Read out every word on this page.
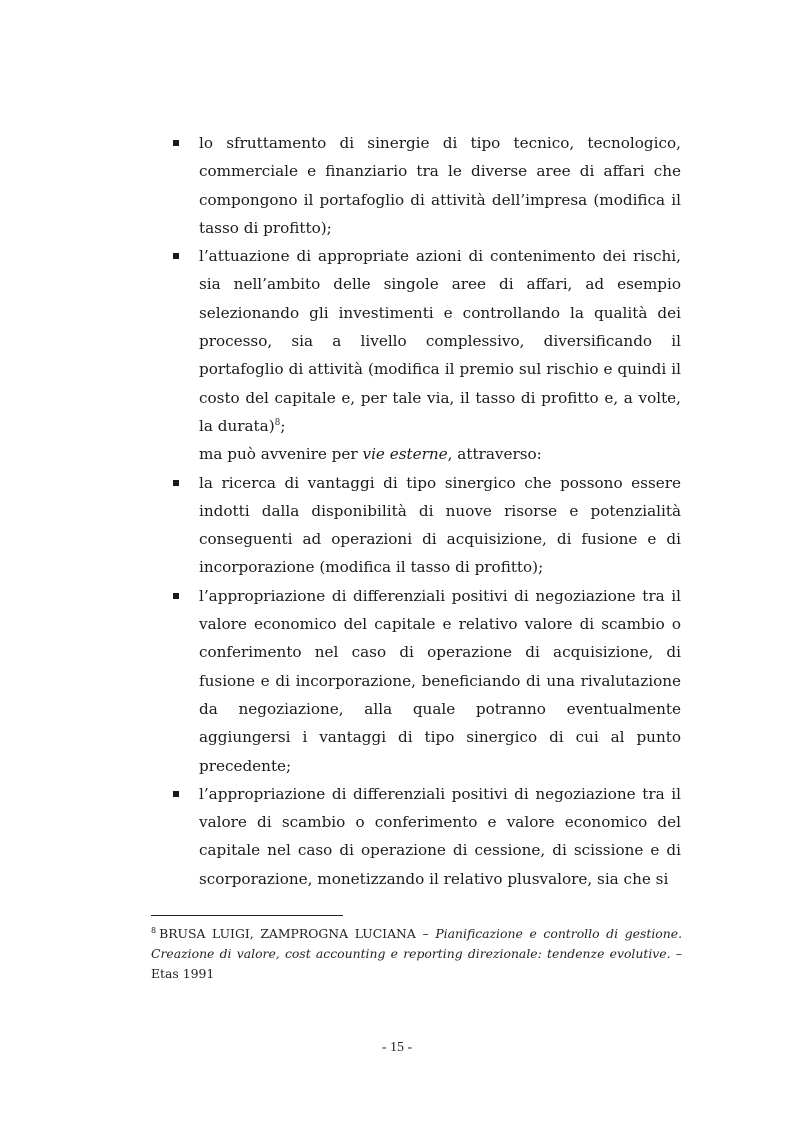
lo sfruttamento di sinergie di tipo tecnico, tecnologico, commerciale e finanziario tra le diverse aree di affari che compongono il portafoglio di attività dell’impresa (modifica il tasso di profitto);

l’attuazione di appropriate azioni di contenimento dei rischi, sia nell’ambito delle singole aree di affari, ad esempio selezionando gli investimenti e controllando la qualità dei processo, sia a livello complessivo, diversificando il portafoglio di attività (modifica il premio sul rischio e quindi il costo del capitale e, per tale via, il tasso di profitto e, a volte, la durata)$^8$;

ma può avvenire per vie esterne, attraverso:

la ricerca di vantaggi di tipo sinergico che possono essere indotti dalla disponibilità di nuove risorse e potenzialità conseguenti ad operazioni di acquisizione, di fusione e di incorporazione (modifica il tasso di profitto);

l’appropriazione di differenziali positivi di negoziazione tra il valore economico del capitale e relativo valore di scambio o conferimento nel caso di operazione di acquisizione, di fusione e di incorporazione, beneficiando di una rivalutazione da negoziazione, alla quale potranno eventualmente aggiungersi i vantaggi di tipo sinergico di cui al punto precedente;

l’appropriazione di differenziali positivi di negoziazione tra il valore di scambio o conferimento e valore economico del capitale nel caso di operazione di cessione, di scissione e di scorporazione, monetizzando il relativo plusvalore, sia che si

$^8$ BRUSA LUIGI, ZAMPROGNA LUCIANA – Pianificazione e controllo di gestione. Creazione di valore, cost accounting e reporting direzionale: tendenze evolutive. – Etas 1991
- 15 -
